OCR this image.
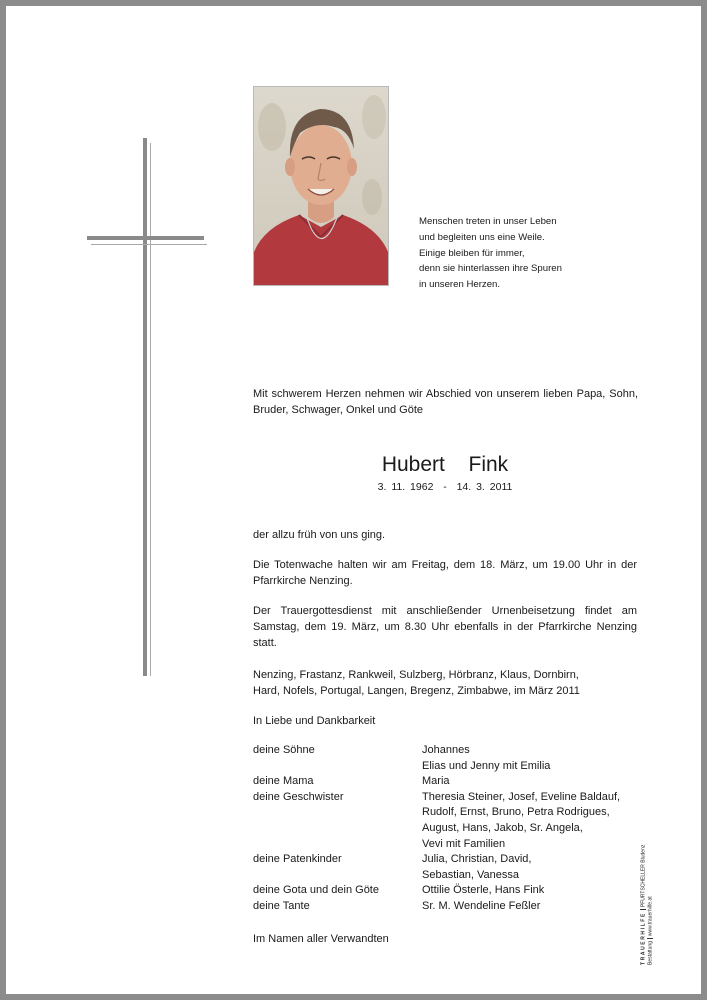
Menschen treten in unser Leben
und begleiten uns eine Weile.
Einige bleiben für immer,
denn sie hinterlassen ihre Spuren
in unseren Herzen.
Mit schwerem Herzen nehmen wir Abschied von unserem lieben Papa, Sohn, Bruder, Schwager, Onkel und Göte
Hubert  Fink
3. 11. 1962  -  14. 3. 2011
der allzu früh von uns ging.
Die Totenwache halten wir am Freitag, dem 18. März, um 19.00 Uhr in der Pfarrkirche Nenzing.
Der Trauergottesdienst mit anschließender Urnenbeisetzung findet am Samstag, dem 19. März, um 8.30 Uhr ebenfalls in der Pfarrkirche Nenzing statt.
Nenzing, Frastanz, Rankweil, Sulzberg, Hörbranz, Klaus, Dornbirn,
Hard, Nofels, Portugal, Langen, Bregenz, Zimbabwe, im März 2011
In Liebe und Dankbarkeit
deine Söhne	Johannes
Elias und Jenny mit Emilia
deine Mama	Maria
deine Geschwister	Theresia Steiner, Josef, Eveline Baldauf,
Rudolf, Ernst, Bruno, Petra Rodrigues,
August, Hans, Jakob, Sr. Angela,
Vevi mit Familien
deine Patenkinder	Julia, Christian, David,
Sebastian, Vanessa
deine Gota und dein Göte	Ottilie Österle, Hans Fink
deine Tante	Sr. M. Wendeline Feßler
Im Namen aller Verwandten	TRAUERHILFEPFURTSCHELLER Bludenz
Bestattungwww.trauerhilfe.at
